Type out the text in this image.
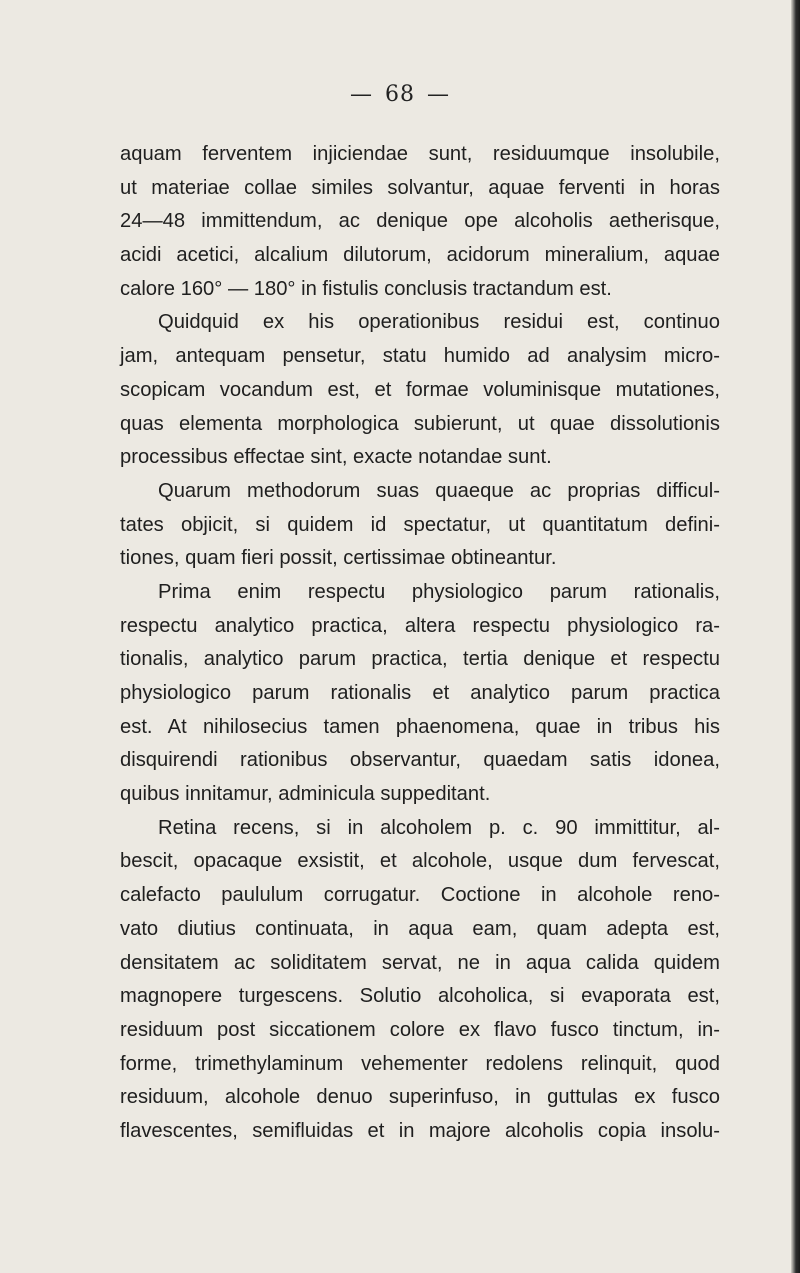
— 68 —
aquam ferventem injiciendae sunt, residuumque insolubile,
ut materiae collae similes solvantur, aquae ferventi in horas
24—48 immittendum, ac denique ope alcoholis aetherisque,
acidi acetici, alcalium dilutorum, acidorum mineralium, aquae
calore 160° — 180° in fistulis conclusis tractandum est.
Quidquid ex his operationibus residui est, continuo
jam, antequam pensetur, statu humido ad analysim micro-
scopicam vocandum est, et formae voluminisque mutationes,
quas elementa morphologica subierunt, ut quae dissolutionis
processibus effectae sint, exacte notandae sunt.
Quarum methodorum suas quaeque ac proprias difficul-
tates objicit, si quidem id spectatur, ut quantitatum defini-
tiones, quam fieri possit, certissimae obtineantur.
Prima enim respectu physiologico parum rationalis,
respectu analytico practica, altera respectu physiologico ra-
tionalis, analytico parum practica, tertia denique et respectu
physiologico parum rationalis et analytico parum practica
est. At nihilosecius tamen phaenomena, quae in tribus his
disquirendi rationibus observantur, quaedam satis idonea,
quibus innitamur, adminicula suppeditant.
Retina recens, si in alcoholem p. c. 90 immittitur, al-
bescit, opacaque exsistit, et alcohole, usque dum fervescat,
calefacto paululum corrugatur. Coctione in alcohole reno-
vato diutius continuata, in aqua eam, quam adepta est,
densitatem ac soliditatem servat, ne in aqua calida quidem
magnopere turgescens. Solutio alcoholica, si evaporata est,
residuum post siccationem colore ex flavo fusco tinctum, in-
forme, trimethylaminum vehementer redolens relinquit, quod
residuum, alcohole denuo superinfuso, in guttulas ex fusco
flavescentes, semifluidas et in majore alcoholis copia insolu-
